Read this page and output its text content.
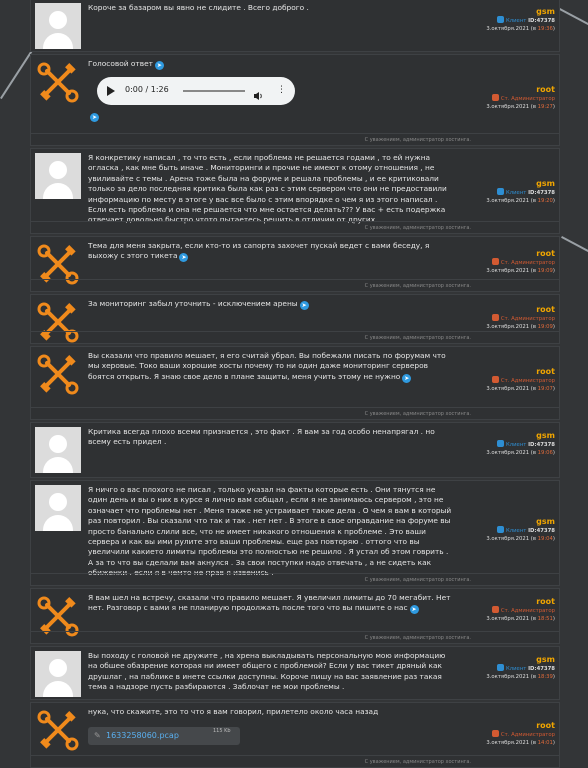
Короче за базаром вы явно не слидите . Всего доброго .	gsm
Клиент ID:47378
3.октября.2021 (в 19:36)
Голосовой ответ ➤
0:00 / 1:26	⋮
➤
root
Ст. Администратор
3.октября.2021 (в 19:27)
С уважением, администратор хостинга.
Я конкретику написал , то что есть , если проблема не решается годами , то ей нужна огласка , как мне быть иначе . Мониторинги и прочие не имеют к отому отношения , не увиливайте с темы . Арена тоже была на форуме и решала проблемы , и ее критиковали только за дело последняя критика была как раз с этим сервером что они не предоставили информацию по месту в этоге у вас все было с этим впорядке о чем я из этого написал . Если есть проблема и она не решается что мне остается делать??? У вас + есть подержка отвечает довольно быстро чтото пытаетесь решить в отличии от других.
gsm
Клиент ID:47378
3.октября.2021 (в 19:20)
С уважением, администратор хостинга.
Тема для меня закрыта, если кто-то из сапорта захочет пускай ведет с вами беседу, я выхожу с этого тикета ➤	root
Ст. Администратор
3.октября.2021 (в 19:09)
С уважением, администратор хостинга.
За мониторинг забыл уточнить - исключением арены ➤	root
Ст. Администратор
3.октября.2021 (в 19:09)
С уважением, администратор хостинга.
Вы сказали что правило мешает, я его считай убрал. Вы побежали писать по форумам что мы херовые. Токо ваши хорошие хосты почему то ни один даже мониторинг серверов боятся открыть. Я знаю свое дело в плане защиты, меня учить этому не нужно ➤
root
Ст. Администратор
3.октября.2021 (в 19:07)
С уважением, администратор хостинга.
Критика всегда плохо всеми признается , это факт . Я вам за год особо ненапрягал . но всему есть придел .
gsm
Клиент ID:47378
3.октября.2021 (в 19:06)
Я ничго о вас плохого не писал , только указал на факты которые есть . Они тянутся не один день и вы о них в курсе я лично вам собщал , если я не занимаюсь сервером , это не означает что проблемы нет . Меня также не устраивает такие дела . О чем я вам в который раз повторил . Вы сказали что так и так . нет нет . В этоге в свое оправдание на форуме вы просто банально слили все, что не имеет никакого отношения к проблеме . Это ваши сервера и как вы ими рулите это ваши проблемы. еще раз повторяю . оттого что вы увеличили какието лимиты проблемы это полностью не решило . Я устал об этом говрить . А за то что вы сделали вам акнулся . За свои поступки надо отвечать , а не сидеть как обиженки . если я в чемто не прав я извенись .
gsm
Клиент ID:47378
3.октября.2021 (в 19:04)
С уважением, администратор хостинга.
Я вам шел на встречу, сказали что правило мешает. Я увеличил лимиты до 70 мегабит. Нет нет. Разговор с вами я не планирую продолжать после того что вы пишите о нас ➤
root
Ст. Администратор
3.октября.2021 (в 18:51)
С уважением, администратор хостинга.
Вы походу с головой не дружите , на хрена выкладывать персональную мою информацию на обшее обазрение которая ни имеет общего с проблемой? Если у вас тикет дряный как друшлаг , на паблике в инете ссылки доступны. Короче пишу на вас заявление раз такая тема а надзоре пусть разбираются . Заблочат не мои проблемы .
gsm
Клиент ID:47378
3.октября.2021 (в 18:39)
нука, что скажите, это то что я вам говорил, прилетело около часа назад
✎ 1633258060.pcap	115 Kb
root
Ст. Администратор
3.октября.2021 (в 14:01)
С уважением, администратор хостинга.
